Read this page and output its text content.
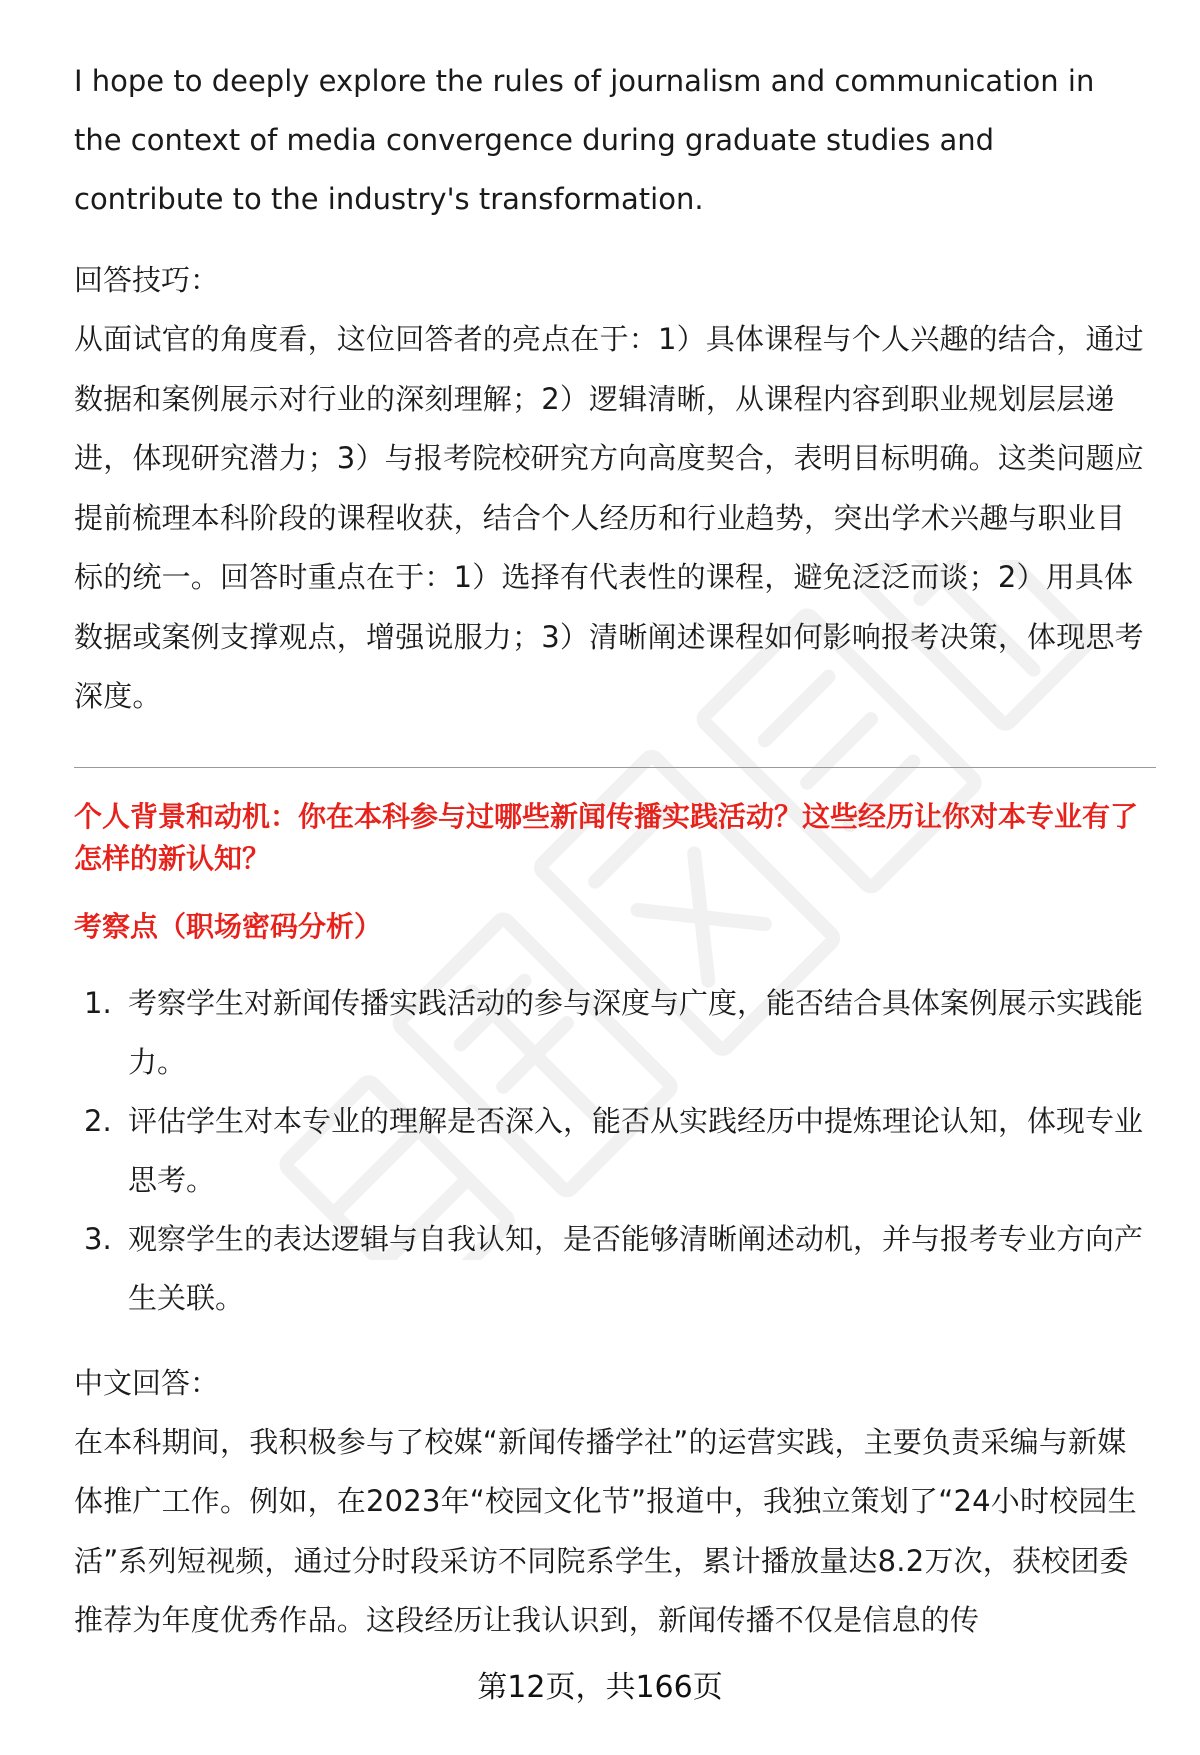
I hope to deeply explore the rules of journalism and communication in the context of media convergence during graduate studies and contribute to the industry's transformation.

回答技巧：

从面试官的角度看，这位回答者的亮点在于：1）具体课程与个人兴趣的结合，通过数据和案例展示对行业的深刻理解；2）逻辑清晰，从课程内容到职业规划层层递进，体现研究潜力；3）与报考院校研究方向高度契合，表明目标明确。这类问题应提前梳理本科阶段的课程收获，结合个人经历和行业趋势，突出学术兴趣与职业目标的统一。回答时重点在于：1）选择有代表性的课程，避免泛泛而谈；2）用具体数据或案例支撑观点，增强说服力；3）清晰阐述课程如何影响报考决策，体现思考深度。

个人背景和动机：你在本科参与过哪些新闻传播实践活动？这些经历让你对本专业有了怎样的新认知？

考察点（职场密码分析）

1. 考察学生对新闻传播实践活动的参与深度与广度，能否结合具体案例展示实践能力。
2. 评估学生对本专业的理解是否深入，能否从实践经历中提炼理论认知，体现专业思考。
3. 观察学生的表达逻辑与自我认知，是否能够清晰阐述动机，并与报考专业方向产生关联。

中文回答：

在本科期间，我积极参与了校媒“新闻传播学社”的运营实践，主要负责采编与新媒体推广工作。例如，在2023年“校园文化节”报道中，我独立策划了“24小时校园生活”系列短视频，通过分时段采访不同院系学生，累计播放量达8.2万次，获校团委推荐为年度优秀作品。这段经历让我认识到，新闻传播不仅是信息的传

第12页，共166页
